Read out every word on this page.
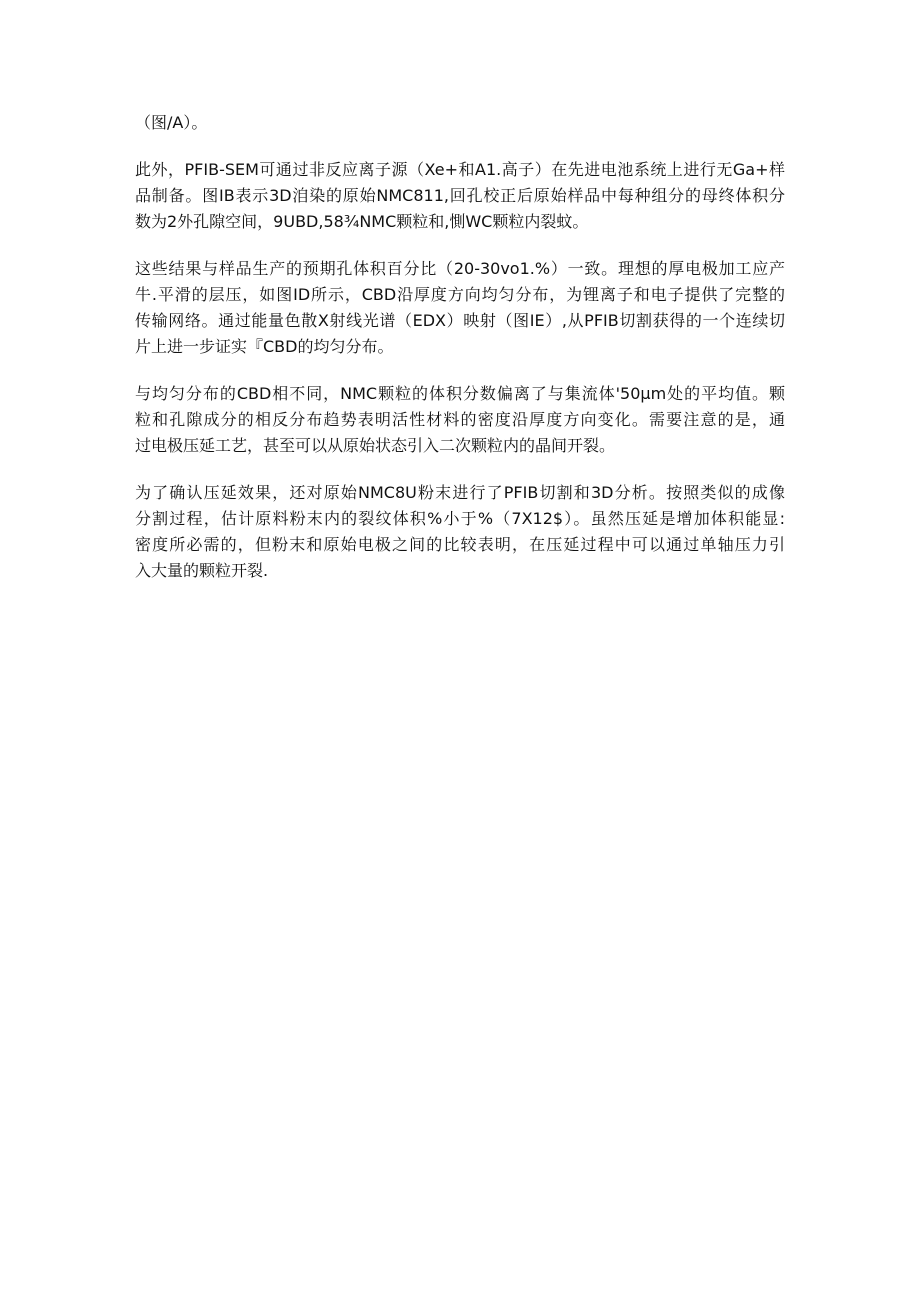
（图/A）。

此外，PFIB-SEM可通过非反应离子源（Xe+和A1.高子）在先进电池系统上进行无Ga+样
品制备。图IB表示3D洎染的原始NMC811,回孔校正后原始样品中每种组分的母终体积分
数为2外孔隙空间，9UBD,58¾NMC颗粒和,惻WC颗粒内裂蚊。

这些结果与样品生产的预期孔体积百分比（20-30vo1.%）一致。理想的厚电极加工应产
牛.平滑的层压，如图ID所示，CBD沿厚度方向均匀分布，为锂离子和电子提供了完整的
传输网络。通过能量色散X射线光谱（EDX）映射（图IE）,从PFIB切割获得的一个连续切
片上进一步证实『CBD的均匀分布。

与均匀分布的CBD相不同，NMC颗粒的体积分数偏离了与集流体'50μm处的平均值。颗
粒和孔隙成分的相反分布趋势表明活性材料的密度沿厚度方向变化。需要注意的是，通
过电极压延工艺，甚至可以从原始状态引入二次颗粒内的晶间开裂。

为了确认压延效果，还对原始NMC8U粉末进行了PFIB切割和3D分析。按照类似的成像
分割过程，估计原料粉末内的裂纹体积%小于%（7X12$）。虽然压延是增加体积能显:
密度所必需的，但粉末和原始电极之间的比较表明，在压延过程中可以通过单轴压力引
入大量的颗粒开裂.
